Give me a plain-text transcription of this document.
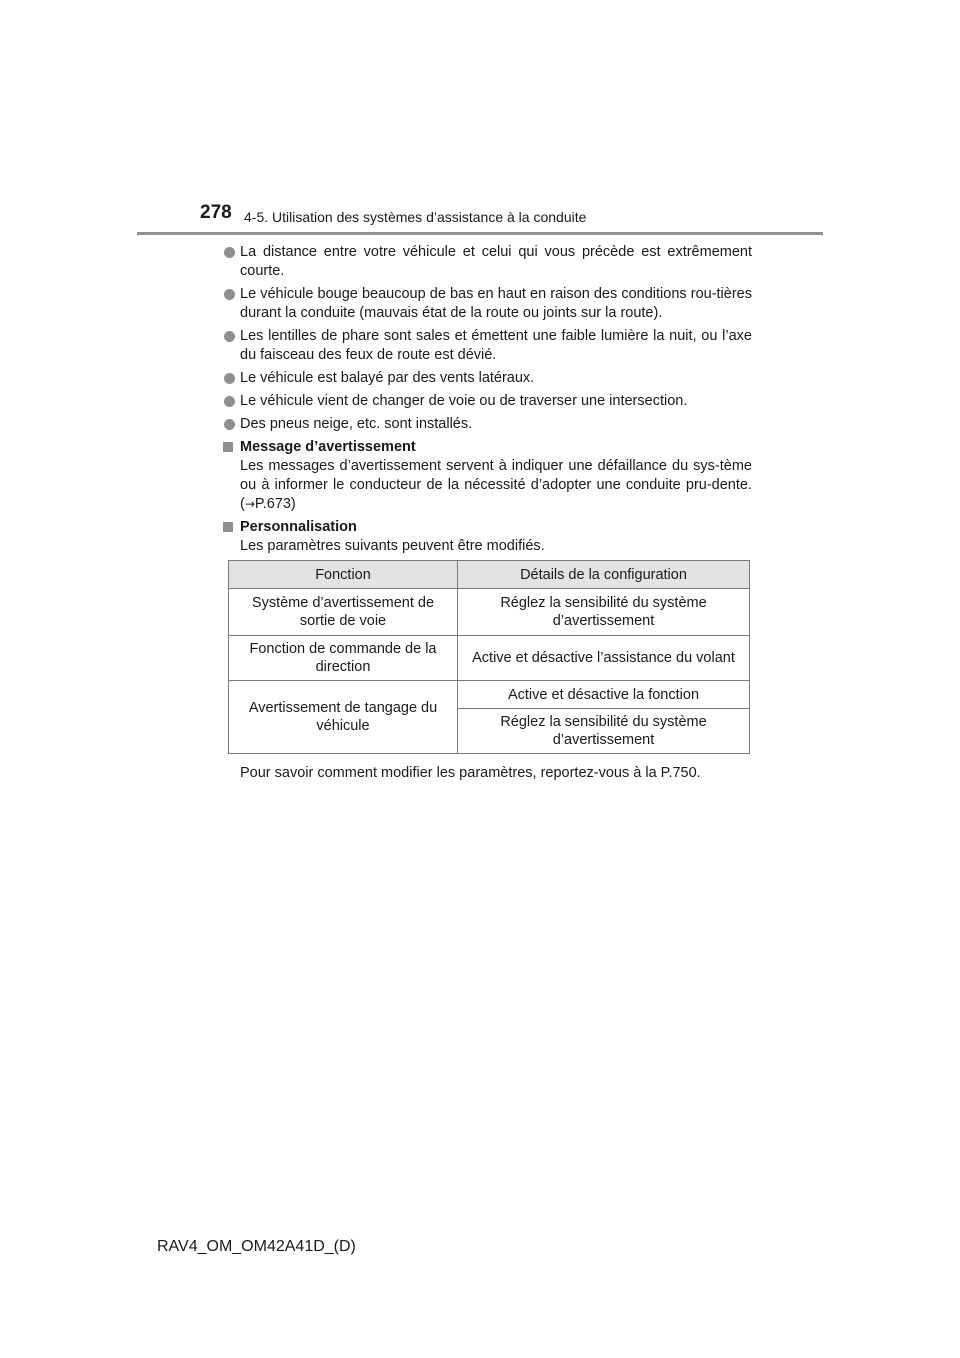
278 4-5. Utilisation des systèmes d’assistance à la conduite
La distance entre votre véhicule et celui qui vous précède est extrêmement courte.
Le véhicule bouge beaucoup de bas en haut en raison des conditions rou-tières durant la conduite (mauvais état de la route ou joints sur la route).
Les lentilles de phare sont sales et émettent une faible lumière la nuit, ou l’axe du faisceau des feux de route est dévié.
Le véhicule est balayé par des vents latéraux.
Le véhicule vient de changer de voie ou de traverser une intersection.
Des pneus neige, etc. sont installés.
Message d’avertissement
Les messages d’avertissement servent à indiquer une défaillance du sys-tème ou à informer le conducteur de la nécessité d’adopter une conduite pru-dente. (→P.673)
Personnalisation
Les paramètres suivants peuvent être modifiés.
Fonction	Détails de la configuration
Système d’avertissement de sortie de voie	Réglez la sensibilité du système d’avertissement
Fonction de commande de la direction	Active et désactive l’assistance du volant
Avertissement de tangage du véhicule	Active et désactive la fonction
	Réglez la sensibilité du système d’avertissement
Pour savoir comment modifier les paramètres, reportez-vous à la P.750.
RAV4_OM_OM42A41D_(D)
